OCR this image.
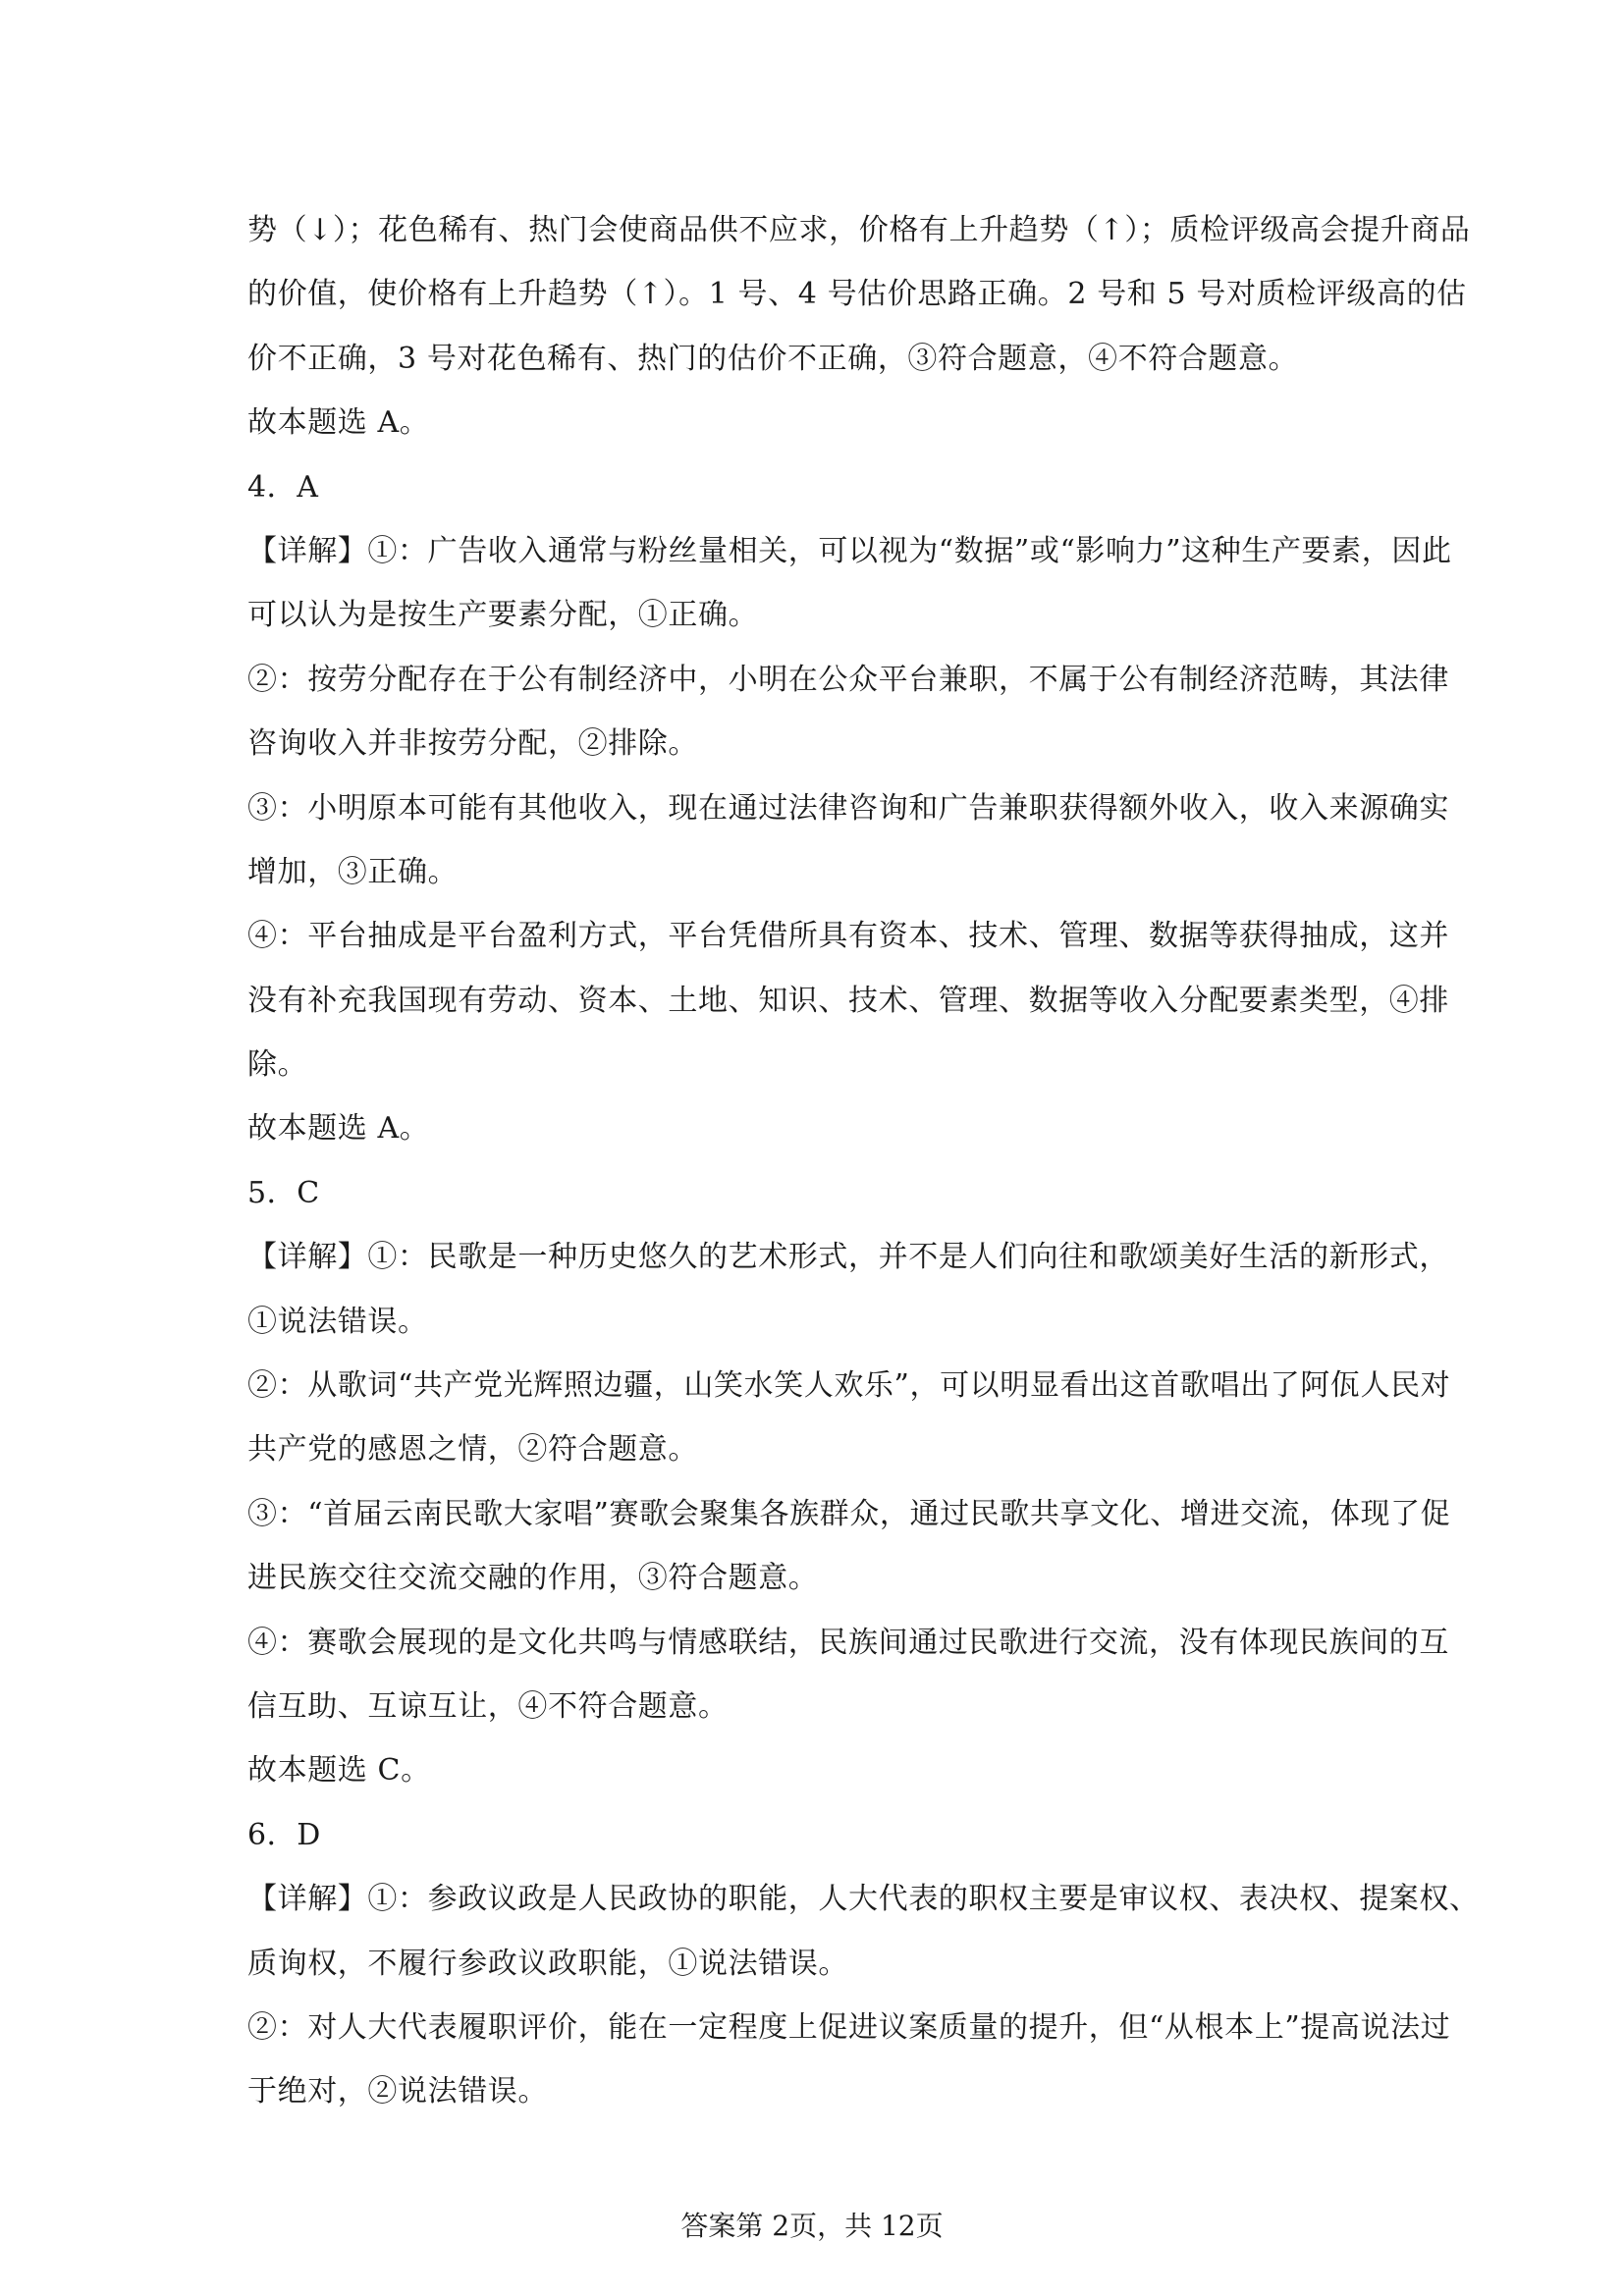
势（↓）；花色稀有、热门会使商品供不应求，价格有上升趋势（↑）；质检评级高会提升商品
的价值，使价格有上升趋势（↑）。1 号、4 号估价思路正确。2 号和 5 号对质检评级高的估
价不正确，3 号对花色稀有、热门的估价不正确，③符合题意，④不符合题意。
故本题选 A。
4．A
【详解】①：广告收入通常与粉丝量相关，可以视为“数据”或“影响力”这种生产要素，因此
可以认为是按生产要素分配，①正确。
②：按劳分配存在于公有制经济中，小明在公众平台兼职，不属于公有制经济范畴，其法律
咨询收入并非按劳分配，②排除。
③：小明原本可能有其他收入，现在通过法律咨询和广告兼职获得额外收入，收入来源确实
增加，③正确。
④：平台抽成是平台盈利方式，平台凭借所具有资本、技术、管理、数据等获得抽成，这并
没有补充我国现有劳动、资本、土地、知识、技术、管理、数据等收入分配要素类型，④排
除。
故本题选 A。
5．C
【详解】①：民歌是一种历史悠久的艺术形式，并不是人们向往和歌颂美好生活的新形式，
①说法错误。
②：从歌词“共产党光辉照边疆，山笑水笑人欢乐”，可以明显看出这首歌唱出了阿佤人民对
共产党的感恩之情，②符合题意。
③：“首届云南民歌大家唱”赛歌会聚集各族群众，通过民歌共享文化、增进交流，体现了促
进民族交往交流交融的作用，③符合题意。
④：赛歌会展现的是文化共鸣与情感联结，民族间通过民歌进行交流，没有体现民族间的互
信互助、互谅互让，④不符合题意。
故本题选 C。
6．D
【详解】①：参政议政是人民政协的职能，人大代表的职权主要是审议权、表决权、提案权、
质询权，不履行参政议政职能，①说法错误。
②：对人大代表履职评价，能在一定程度上促进议案质量的提升，但“从根本上”提高说法过
于绝对，②说法错误。
答案第 2页，共 12页
